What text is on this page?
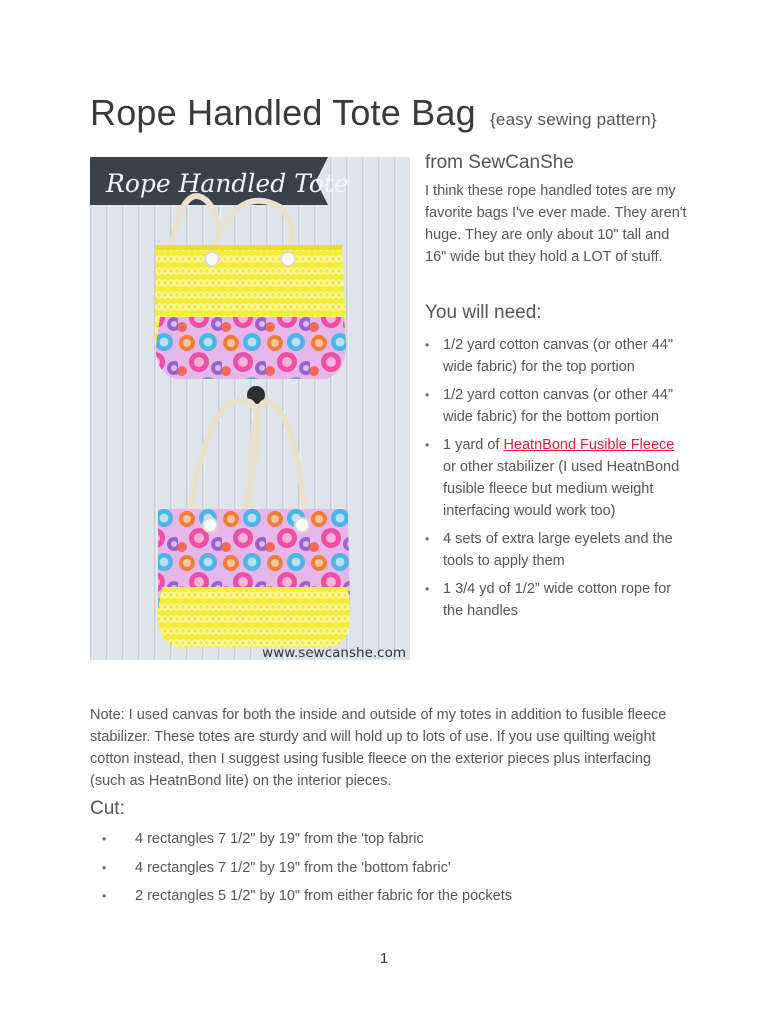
Rope Handled Tote Bag {easy sewing pattern}
Rope Handled Tote
www.sewcanshe.com
from SewCanShe

I think these rope handled totes are my favorite bags I've ever made. They aren't huge. They are only about 10" tall and 16" wide but they hold a LOT of stuff.

You will need:
• 1/2 yard cotton canvas (or other 44" wide fabric) for the top portion
• 1/2 yard cotton canvas (or other 44" wide fabric) for the bottom portion
• 1 yard of HeatnBond Fusible Fleece or other stabilizer (I used HeatnBond fusible fleece but medium weight interfacing would work too)
• 4 sets of extra large eyelets and the tools to apply them
• 1 3/4 yd of 1/2” wide cotton rope for the handles

Note: I used canvas for both the inside and outside of my totes in addition to fusible fleece stabilizer. These totes are sturdy and will hold up to lots of use. If you use quilting weight cotton instead, then I suggest using fusible fleece on the exterior pieces plus interfacing (such as HeatnBond lite) on the interior pieces.

Cut:
• 4 rectangles 7 1/2" by 19" from the 'top fabric
• 4 rectangles 7 1/2" by 19" from the 'bottom fabric'
• 2 rectangles 5 1/2" by 10" from either fabric for the pockets
1
